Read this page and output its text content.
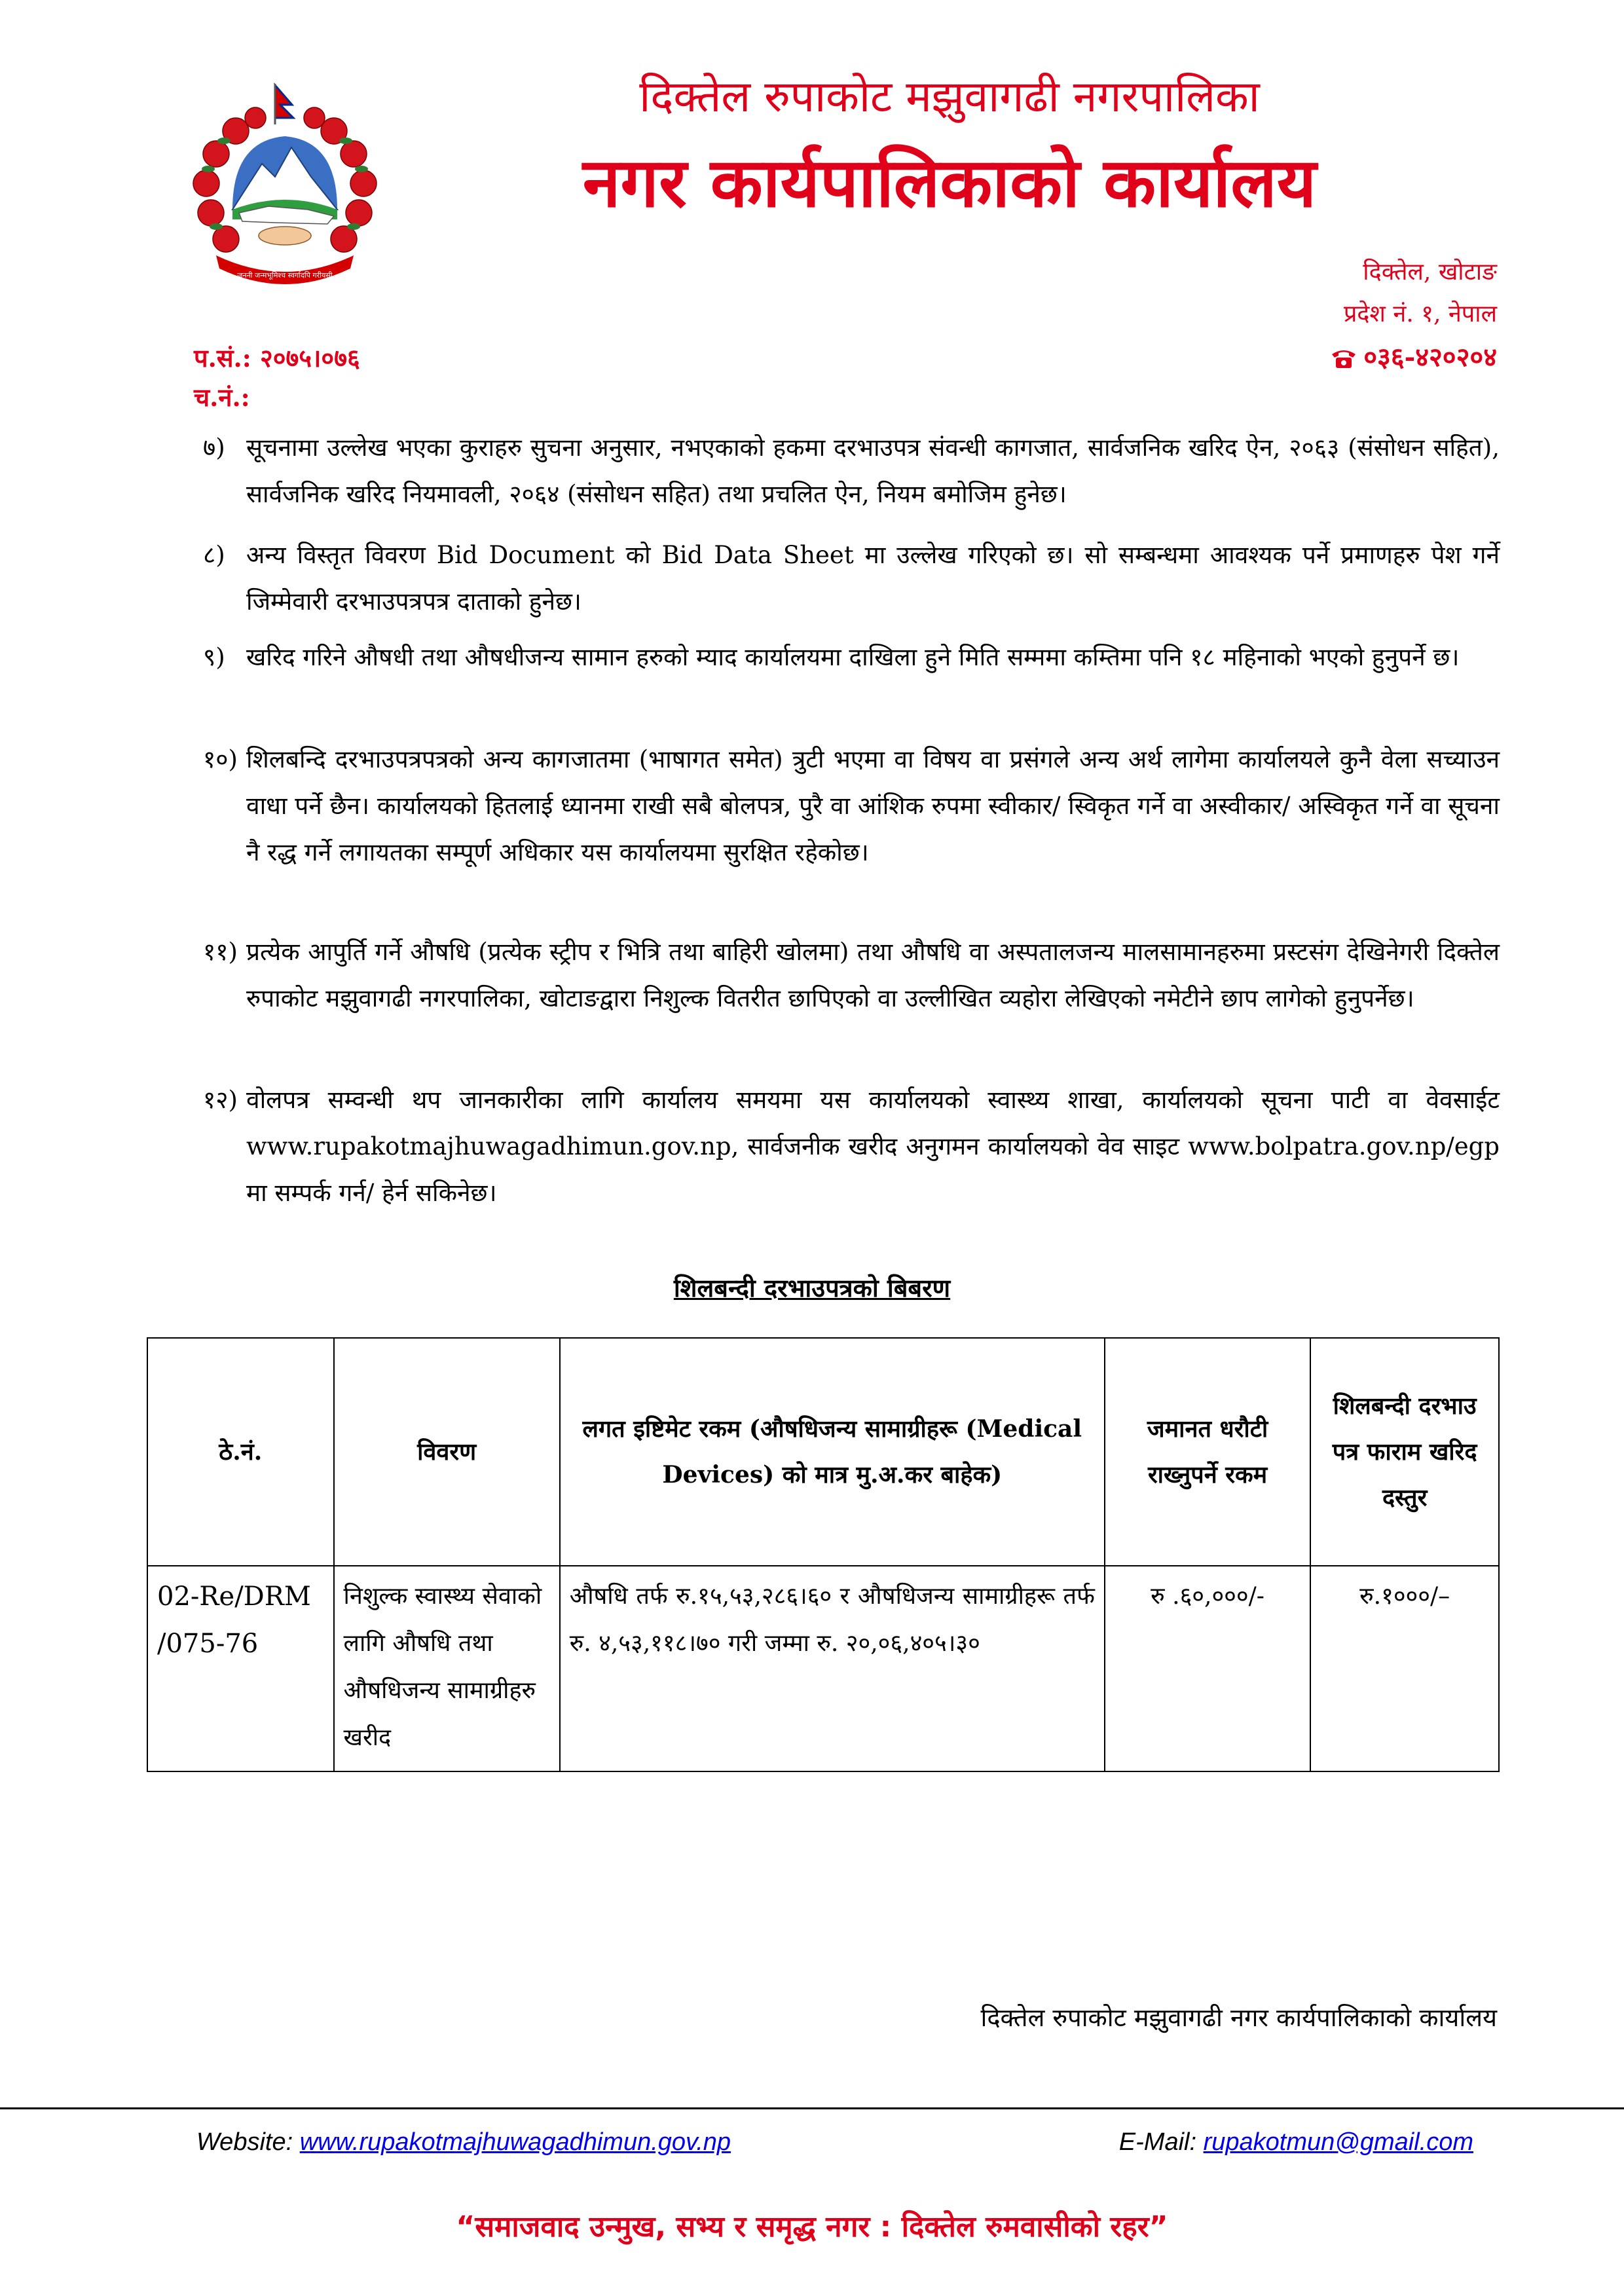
जननी जन्मभूमिश्च स्वर्गादपि गरीयसी
दिक्तेल रुपाकोट मझुवागढी नगरपालिका
नगर कार्यपालिकाको कार्यालय
दिक्तेल, खोटाङ
प्रदेश नं. १, नेपाल
प.सं.: २०७५।०७६
च.नं.:
०३६-४२०२०४
७) सूचनामा उल्लेख भएका कुराहरु सुचना अनुसार, नभएकाको हकमा दरभाउपत्र संवन्धी कागजात, सार्वजनिक खरिद ऐन, २०६३ (संसोधन सहित), सार्वजनिक खरिद नियमावली, २०६४ (संसोधन सहित) तथा प्रचलित ऐन, नियम बमोजिम हुनेछ।
८) अन्य विस्तृत विवरण Bid Document को Bid Data Sheet मा उल्लेख गरिएको छ। सो सम्बन्धमा आवश्यक पर्ने प्रमाणहरु पेश गर्ने जिम्मेवारी दरभाउपत्रपत्र दाताको हुनेछ।
९) खरिद गरिने औषधी तथा औषधीजन्य सामान हरुको म्याद कार्यालयमा दाखिला हुने मिति सम्ममा कम्तिमा पनि १८ महिनाको भएको हुनुपर्ने छ।
१०) शिलबन्दि दरभाउपत्रपत्रको अन्य कागजातमा (भाषागत समेत) त्रुटी भएमा वा विषय वा प्रसंगले अन्य अर्थ लागेमा कार्यालयले कुनै वेला सच्याउन वाधा पर्ने छैन। कार्यालयको हितलाई ध्यानमा राखी सबै बोलपत्र, पुरै वा आंशिक रुपमा स्वीकार/ स्विकृत गर्ने वा अस्वीकार/ अस्विकृत गर्ने वा सूचना नै रद्ध गर्ने लगायतका सम्पूर्ण अधिकार यस कार्यालयमा सुरक्षित रहेकोछ।
११) प्रत्येक आपुर्ति गर्ने औषधि (प्रत्येक स्ट्रीप र भित्रि तथा बाहिरी खोलमा) तथा औषधि वा अस्पतालजन्य मालसामानहरुमा प्रस्टसंग देखिनेगरी दिक्तेल रुपाकोट मझुवागढी नगरपालिका, खोटाङद्वारा निशुल्क वितरीत छापिएको वा उल्लीखित व्यहोरा लेखिएको नमेटीने छाप लागेको हुनुपर्नेछ।
१२) वोलपत्र सम्वन्धी थप जानकारीका लागि कार्यालय समयमा यस कार्यालयको स्वास्थ्य शाखा, कार्यालयको सूचना पाटी वा वेवसाईट www.rupakotmajhuwagadhimun.gov.np, सार्वजनीक खरीद अनुगमन कार्यालयको वेव साइट www.bolpatra.gov.np/egp मा सम्पर्क गर्न/ हेर्न सकिनेछ।
शिलबन्दी दरभाउपत्रको बिबरण
ठे.नं.	विवरण	लगत इष्टिमेट रकम (औषधिजन्य सामाग्रीहरू (Medical Devices) को मात्र मु.अ.कर बाहेक)	जमानत धरौटी राख्नुपर्ने रकम	शिलबन्दी दरभाउ पत्र फाराम खरिद दस्तुर
02-Re/DRM /075-76	निशुल्क स्वास्थ्य सेवाको लागि औषधि तथा औषधिजन्य सामाग्रीहरु खरीद	औषधि तर्फ रु.१५,५३,२८६।६० र औषधिजन्य सामाग्रीहरू तर्फ रु. ४,५३,११८।७० गरी जम्मा रु. २०,०६,४०५।३०	रु .६०,०००/-	रु.१०००/–
दिक्तेल रुपाकोट मझुवागढी नगर कार्यपालिकाको कार्यालय
Website: www.rupakotmajhuwagadhimun.gov.np	E-Mail: rupakotmun@gmail.com
“समाजवाद उन्मुख, सभ्य र समृद्ध नगर : दिक्तेल रुमवासीको रहर”
